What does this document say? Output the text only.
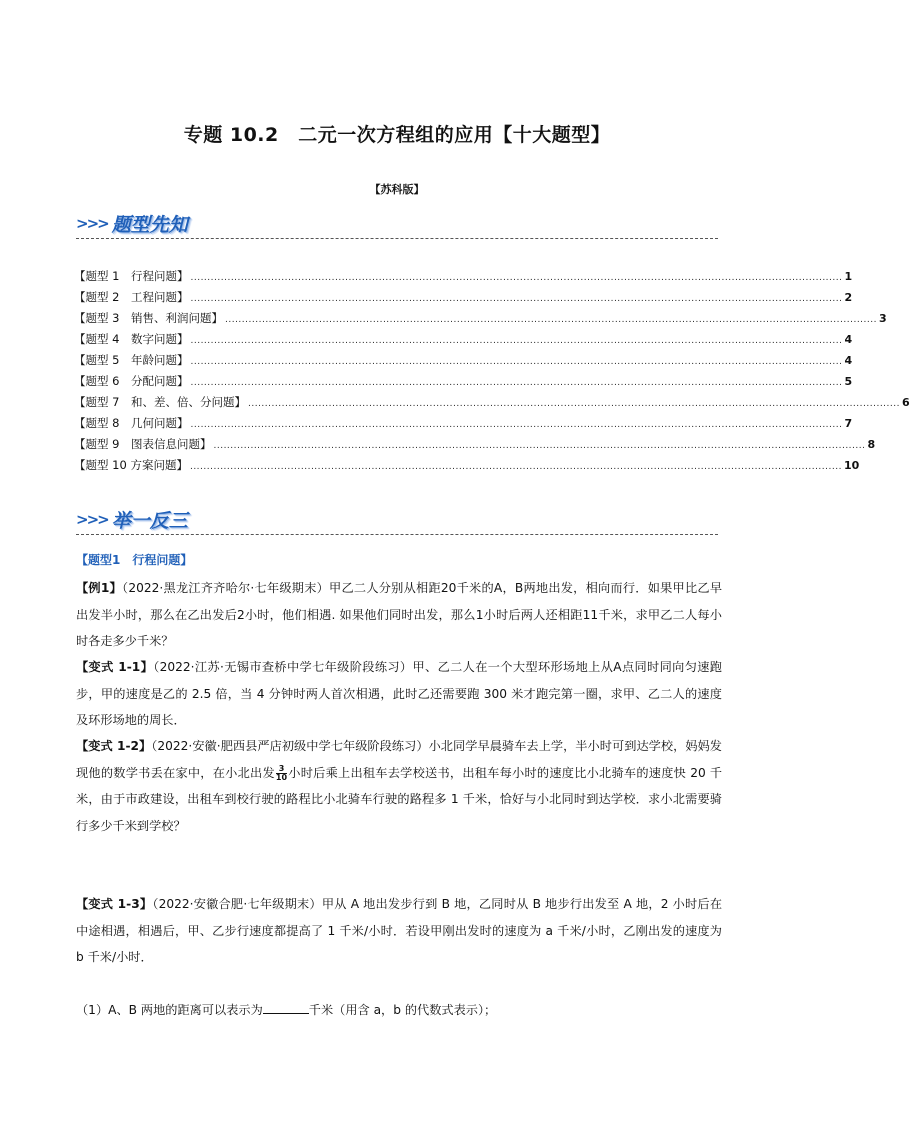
专题 10.2　二元一次方程组的应用【十大题型】
【苏科版】
>>> 题型先知
【题型 1　行程问题】 .................................................................................................................................................................................................. 1
【题型 2　工程问题】 .................................................................................................................................................................................................. 2
【题型 3　销售、利润问题】 .................................................................................................................................................................................................. 3
【题型 4　数字问题】 .................................................................................................................................................................................................. 4
【题型 5　年龄问题】 .................................................................................................................................................................................................. 4
【题型 6　分配问题】 .................................................................................................................................................................................................. 5
【题型 7　和、差、倍、分问题】 .................................................................................................................................................................................................. 6
【题型 8　几何问题】 .................................................................................................................................................................................................. 7
【题型 9　图表信息问题】 .................................................................................................................................................................................................. 8
【题型 10 方案问题】 .................................................................................................................................................................................................. 10
>>> 举一反三
【题型1　行程问题】
【例1】（2022·黑龙江齐齐哈尔·七年级期末）甲乙二人分别从相距20千米的A，B两地出发，相向而行．如果甲比乙早出发半小时，那么在乙出发后2小时，他们相遇. 如果他们同时出发，那么1小时后两人还相距11千米，求甲乙二人每小时各走多少千米？
【变式 1-1】（2022·江苏·无锡市查桥中学七年级阶段练习）甲、乙二人在一个大型环形场地上从A点同时同向匀速跑步，甲的速度是乙的 2.5 倍，当 4 分钟时两人首次相遇，此时乙还需要跑 300 米才跑完第一圈，求甲、乙二人的速度及环形场地的周长．
【变式 1-2】（2022·安徽·肥西县严店初级中学七年级阶段练习）小北同学早晨骑车去上学，半小时可到达学校，妈妈发现他的数学书丢在家中，在小北出发 $\frac{3}{10}$ 小时后乘上出租车去学校送书，出租车每小时的速度比小北骑车的速度快 20 千米，由于市政建设，出租车到校行驶的路程比小北骑车行驶的路程多 1 千米，恰好与小北同时到达学校．求小北需要骑行多少千米到学校？
【变式 1-3】（2022·安徽合肥·七年级期末）甲从 A 地出发步行到 B 地，乙同时从 B 地步行出发至 A 地，2 小时后在中途相遇，相遇后，甲、乙步行速度都提高了 1 千米/小时．若设甲刚出发时的速度为 a 千米/小时，乙刚出发的速度为 b 千米/小时．
（1）A、B 两地的距离可以表示为	千米（用含 a，b 的代数式表示）；
